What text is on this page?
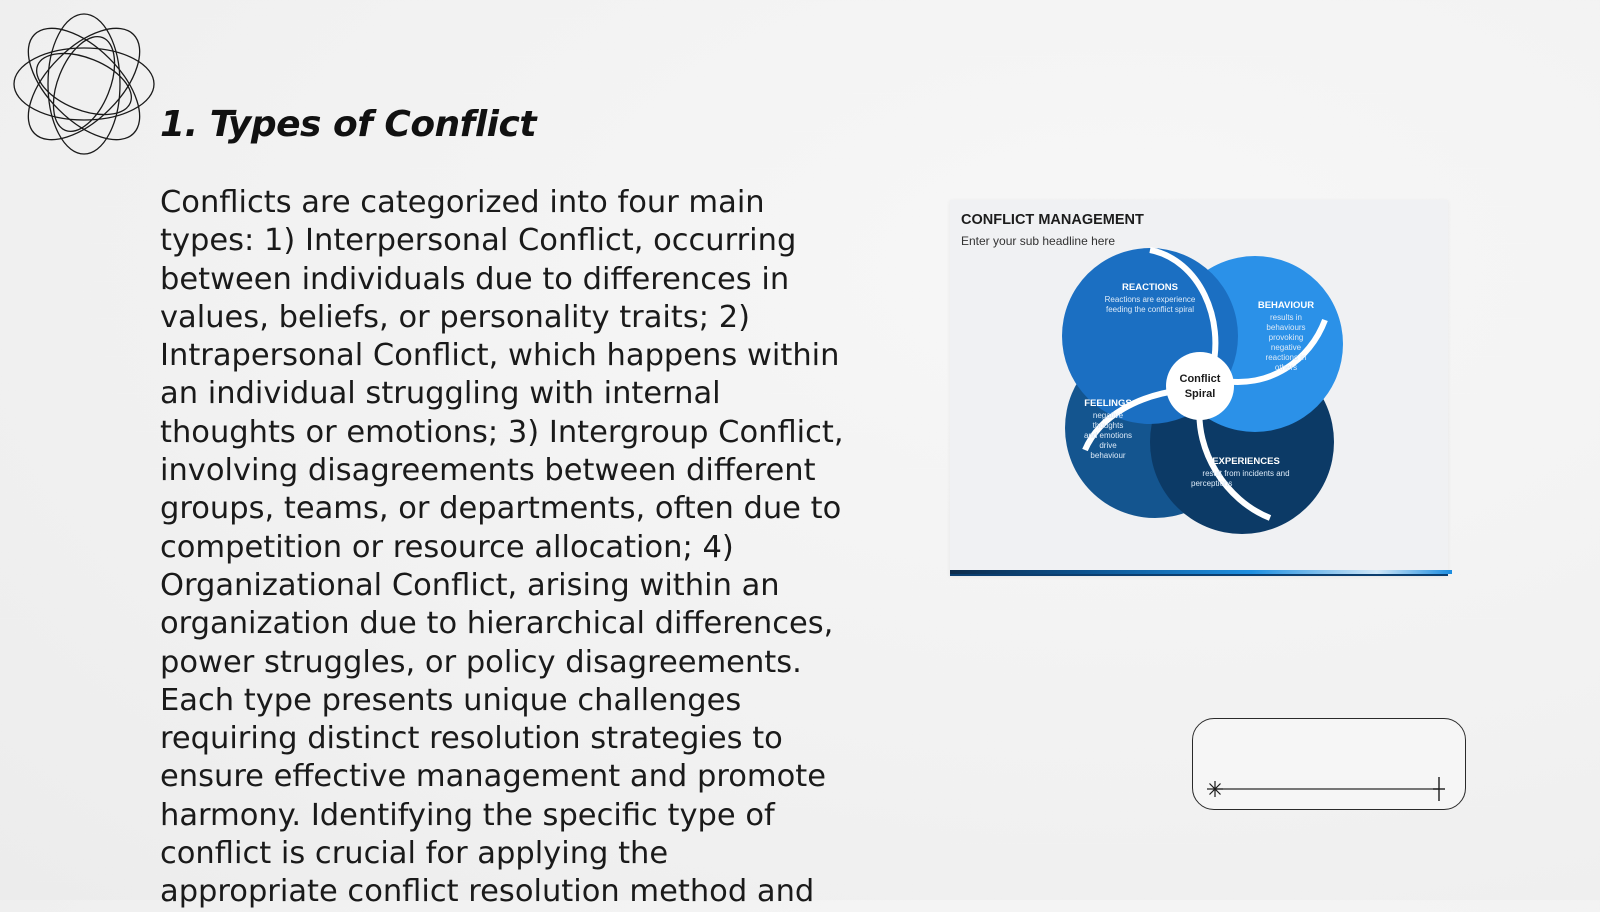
1. Types of Conflict

Conflicts are categorized into four main types: 1) Interpersonal Conflict, occurring between individuals due to differences in values, beliefs, or personality traits; 2) Intrapersonal Conflict, which happens within an individual struggling with internal thoughts or emotions; 3) Intergroup Conflict, involving disagreements between different groups, teams, or departments, often due to competition or resource allocation; 4) Organizational Conflict, arising within an organization due to hierarchical differences, power struggles, or policy disagreements. Each type presents unique challenges requiring distinct resolution strategies to ensure effective management and promote harmony. Identifying the specific type of conflict is crucial for applying the appropriate conflict resolution method and

CONFLICT MANAGEMENT
Enter your sub headline here
Conflict
Spiral
REACTIONS
Reactions are experience
feeding the conflict spiral	BEHAVIOUR
results in
behaviours
provoking
negative
reactions in
others
EXPERIENCES
result from incidents and
perceptions
FEELINGS
negative
thoughts
and emotions
drive
behaviour
